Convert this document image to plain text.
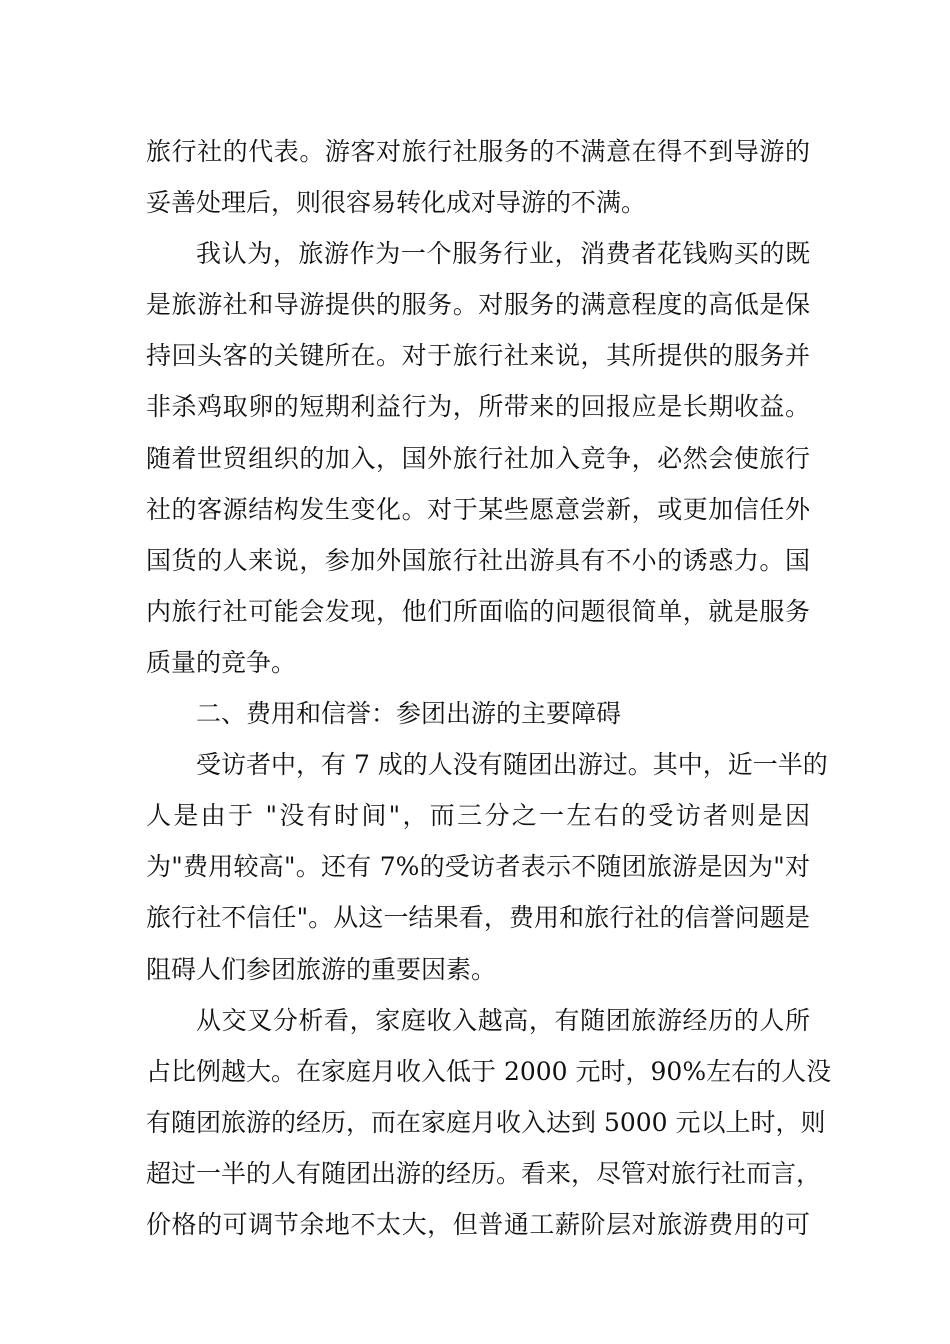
旅行社的代表。游客对旅行社服务的不满意在得不到导游的
妥善处理后，则很容易转化成对导游的不满。
我认为，旅游作为一个服务行业，消费者花钱购买的既
是旅游社和导游提供的服务。对服务的满意程度的高低是保
持回头客的关键所在。对于旅行社来说，其所提供的服务并
非杀鸡取卵的短期利益行为，所带来的回报应是长期收益。
随着世贸组织的加入，国外旅行社加入竞争，必然会使旅行
社的客源结构发生变化。对于某些愿意尝新，或更加信任外
国货的人来说，参加外国旅行社出游具有不小的诱惑力。国
内旅行社可能会发现，他们所面临的问题很简单，就是服务
质量的竞争。
二、费用和信誉：参团出游的主要障碍
受访者中，有 7 成的人没有随团出游过。其中，近一半的
人是由于 "没有时间"，而三分之一左右的受访者则是因
为"费用较高"。还有 7%的受访者表示不随团旅游是因为"对
旅行社不信任"。从这一结果看，费用和旅行社的信誉问题是
阻碍人们参团旅游的重要因素。
从交叉分析看，家庭收入越高，有随团旅游经历的人所
占比例越大。在家庭月收入低于 2000 元时，90%左右的人没
有随团旅游的经历，而在家庭月收入达到 5000 元以上时，则
超过一半的人有随团出游的经历。看来，尽管对旅行社而言，
价格的可调节余地不太大，但普通工薪阶层对旅游费用的可
